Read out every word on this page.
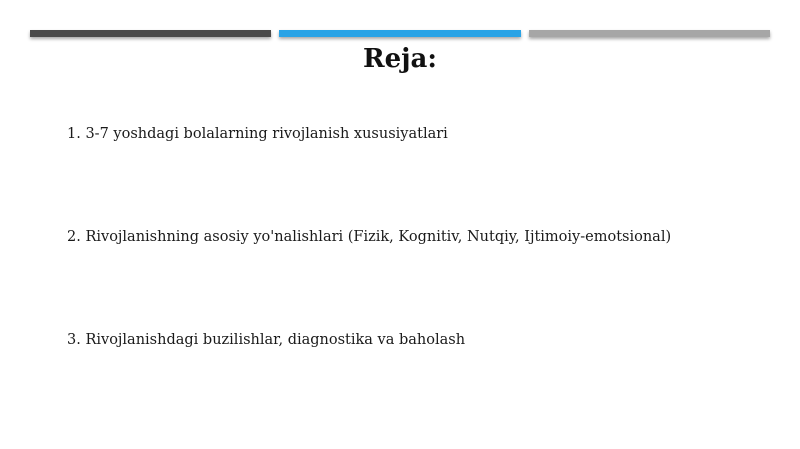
Reja:
1. 3-7 yoshdagi bolalarning rivojlanish xususiyatlari
2. Rivojlanishning asosiy yo'nalishlari (Fizik, Kognitiv, Nutqiy, Ijtimoiy-emotsional)
3. Rivojlanishdagi buzilishlar, diagnostika va baholash
